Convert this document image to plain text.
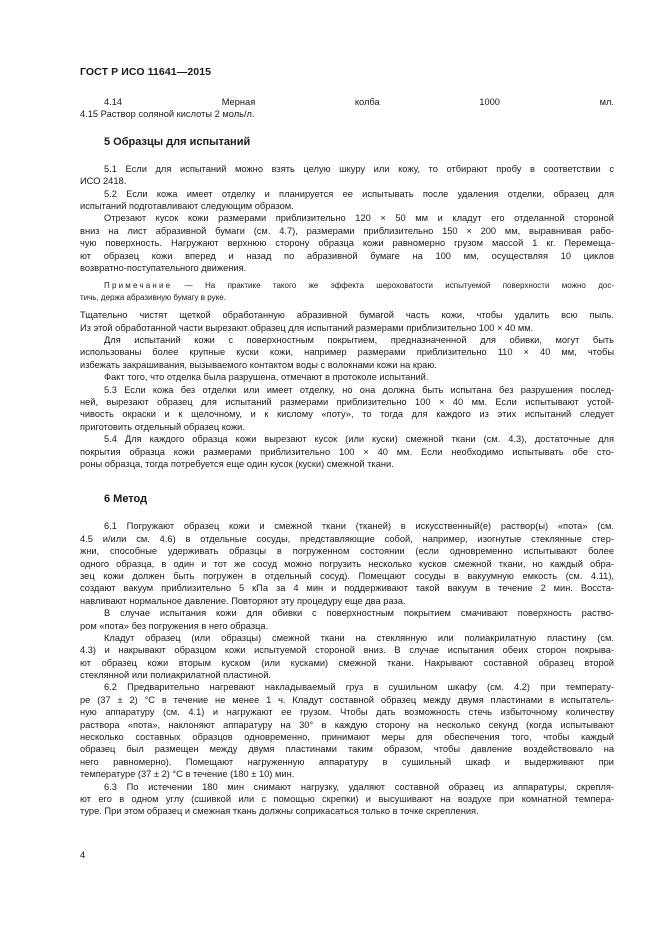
ГОСТ Р ИСО 11641—2015
4.14 Мерная колба 1000 мл.
4.15 Раствор соляной кислоты 2 моль/л.
5 Образцы для испытаний
5.1 Если для испытаний можно взять целую шкуру или кожу, то отбирают пробу в соответствии с
ИСО 2418.
5.2 Если кожа имеет отделку и планируется ее испытывать после удаления отделки, образец для
испытаний подготавливают следующим образом.
Отрезают кусок кожи размерами приблизительно 120 × 50 мм и кладут его отделанной стороной
вниз на лист абразивной бумаги (см. 4.7), размерами приблизительно 150 × 200 мм, выравнивая рабо-
чую поверхность. Нагружают верхнюю сторону образца кожи равномерно грузом массой 1 кг. Перемеща-
ют образец кожи вперед и назад по абразивной бумаге на 100 мм, осуществляя 10 циклов
возвратно-поступательного движения.
Примечание — На практике такого же эффекта шероховатости испытуемой поверхности можно дос-
тичь, держа абразивную бумагу в руке.
Тщательно чистят щеткой обработанную абразивной бумагой часть кожи, чтобы удалить всю пыль.
Из этой обработанной части вырезают образец для испытаний размерами приблизительно 100 × 40 мм.
Для испытаний кожи с поверхностным покрытием, предназначенной для обивки, могут быть
использованы более крупные куски кожи, например размерами приблизительно 110 × 40 мм, чтобы
избежать закрашивания, вызываемого контактом воды с волокнами кожи на краю.
Факт того, что отделка была разрушена, отмечают в протоколе испытаний.
5.3 Если кожа без отделки или имеет отделку, но она должна быть испытана без разрушения послед-
ней, вырезают образец для испытаний размерами приблизительно 100 × 40 мм. Если испытывают устой-
чивость окраски и к щелочному, и к кислому «поту», то тогда для каждого из этих испытаний следует
приготовить отдельный образец кожи.
5.4 Для каждого образца кожи вырезают кусок (или куски) смежной ткани (см. 4.3), достаточные для
покрытия образца кожи размерами приблизительно 100 × 40 мм. Если необходимо испытывать обе сто-
роны образца, тогда потребуется еще один кусок (куски) смежной ткани.
6 Метод
6.1 Погружают образец кожи и смежной ткани (тканей) в искусственный(е) раствор(ы) «пота» (см.
4.5 и/или см. 4.6) в отдельные сосуды, представляющие собой, например, изогнутые стеклянные стер-
жни, способные удерживать образцы в погруженном состоянии (если одновременно испытывают более
одного образца, в один и тот же сосуд можно погрузить несколько кусков смежной ткани, но каждый обра-
зец кожи должен быть погружен в отдельный сосуд). Помещают сосуды в вакуумную емкость (см. 4.11),
создают вакуум приблизительно 5 кПа за 4 мин и поддерживают такой вакуум в течение 2 мин. Восста-
навливают нормальное давление. Повторяют эту процедуру еще два раза.
В случае испытания кожи для обивки с поверхностным покрытием смачивают поверхность раство-
ром «пота» без погружения в него образца.
Кладут образец (или образцы) смежной ткани на стеклянную или полиакрилатную пластину (см.
4.3) и накрывают образцом кожи испытуемой стороной вниз. В случае испытания обеих сторон покрыва-
ют образец кожи вторым куском (или кусками) смежной ткани. Накрывают составной образец второй
стеклянной или полиакрилатной пластиной.
6.2 Предварительно нагревают накладываемый груз в сушильном шкафу (см. 4.2) при температу-
ре (37 ± 2) °С в течение не менее 1 ч. Кладут составной образец между двумя пластинами в испытатель-
ную аппаратуру (см. 4.1) и нагружают ее грузом. Чтобы дать возможность стечь избыточному количеству
раствора «пота», наклоняют аппаратуру на 30° в каждую сторону на несколько секунд (когда испытывают
несколько составных образцов одновременно, принимают меры для обеспечения того, чтобы каждый
образец был размещен между двумя пластинами таким образом, чтобы давление воздействовало на
него равномерно). Помещают нагруженную аппаратуру в сушильный шкаф и выдерживают при
температуре (37 ± 2) °С в течение (180 ± 10) мин.
6.3 По истечении 180 мин снимают нагрузку, удаляют составной образец из аппаратуры, скрепля-
ют его в одном углу (сшивкой или с помощью скрепки) и высушивают на воздухе при комнатной темпера-
туре. При этом образец и смежная ткань должны соприкасаться только в точке скрепления.
4
